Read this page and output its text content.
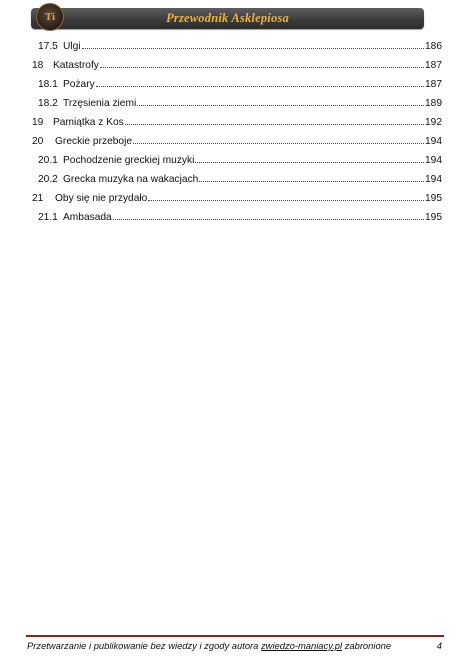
Przewodnik Asklepiosa
Ti
17.5 Ulgi	186
18 Katastrofy	187
18.1 Pożary	187
18.2 Trzęsienia ziemi	189
19 Pamiątka z Kos	192
20	Greckie przeboje	194
20.1 Pochodzenie greckiej muzyki	194
20.2 Grecka muzyka na wakacjach	194
21	Oby się nie przydało	195
21.1 Ambasada	195
Przetwarzanie i publikowanie bez wiedzy i zgody autora zwiedzo-maniacy.pl zabronione	4
